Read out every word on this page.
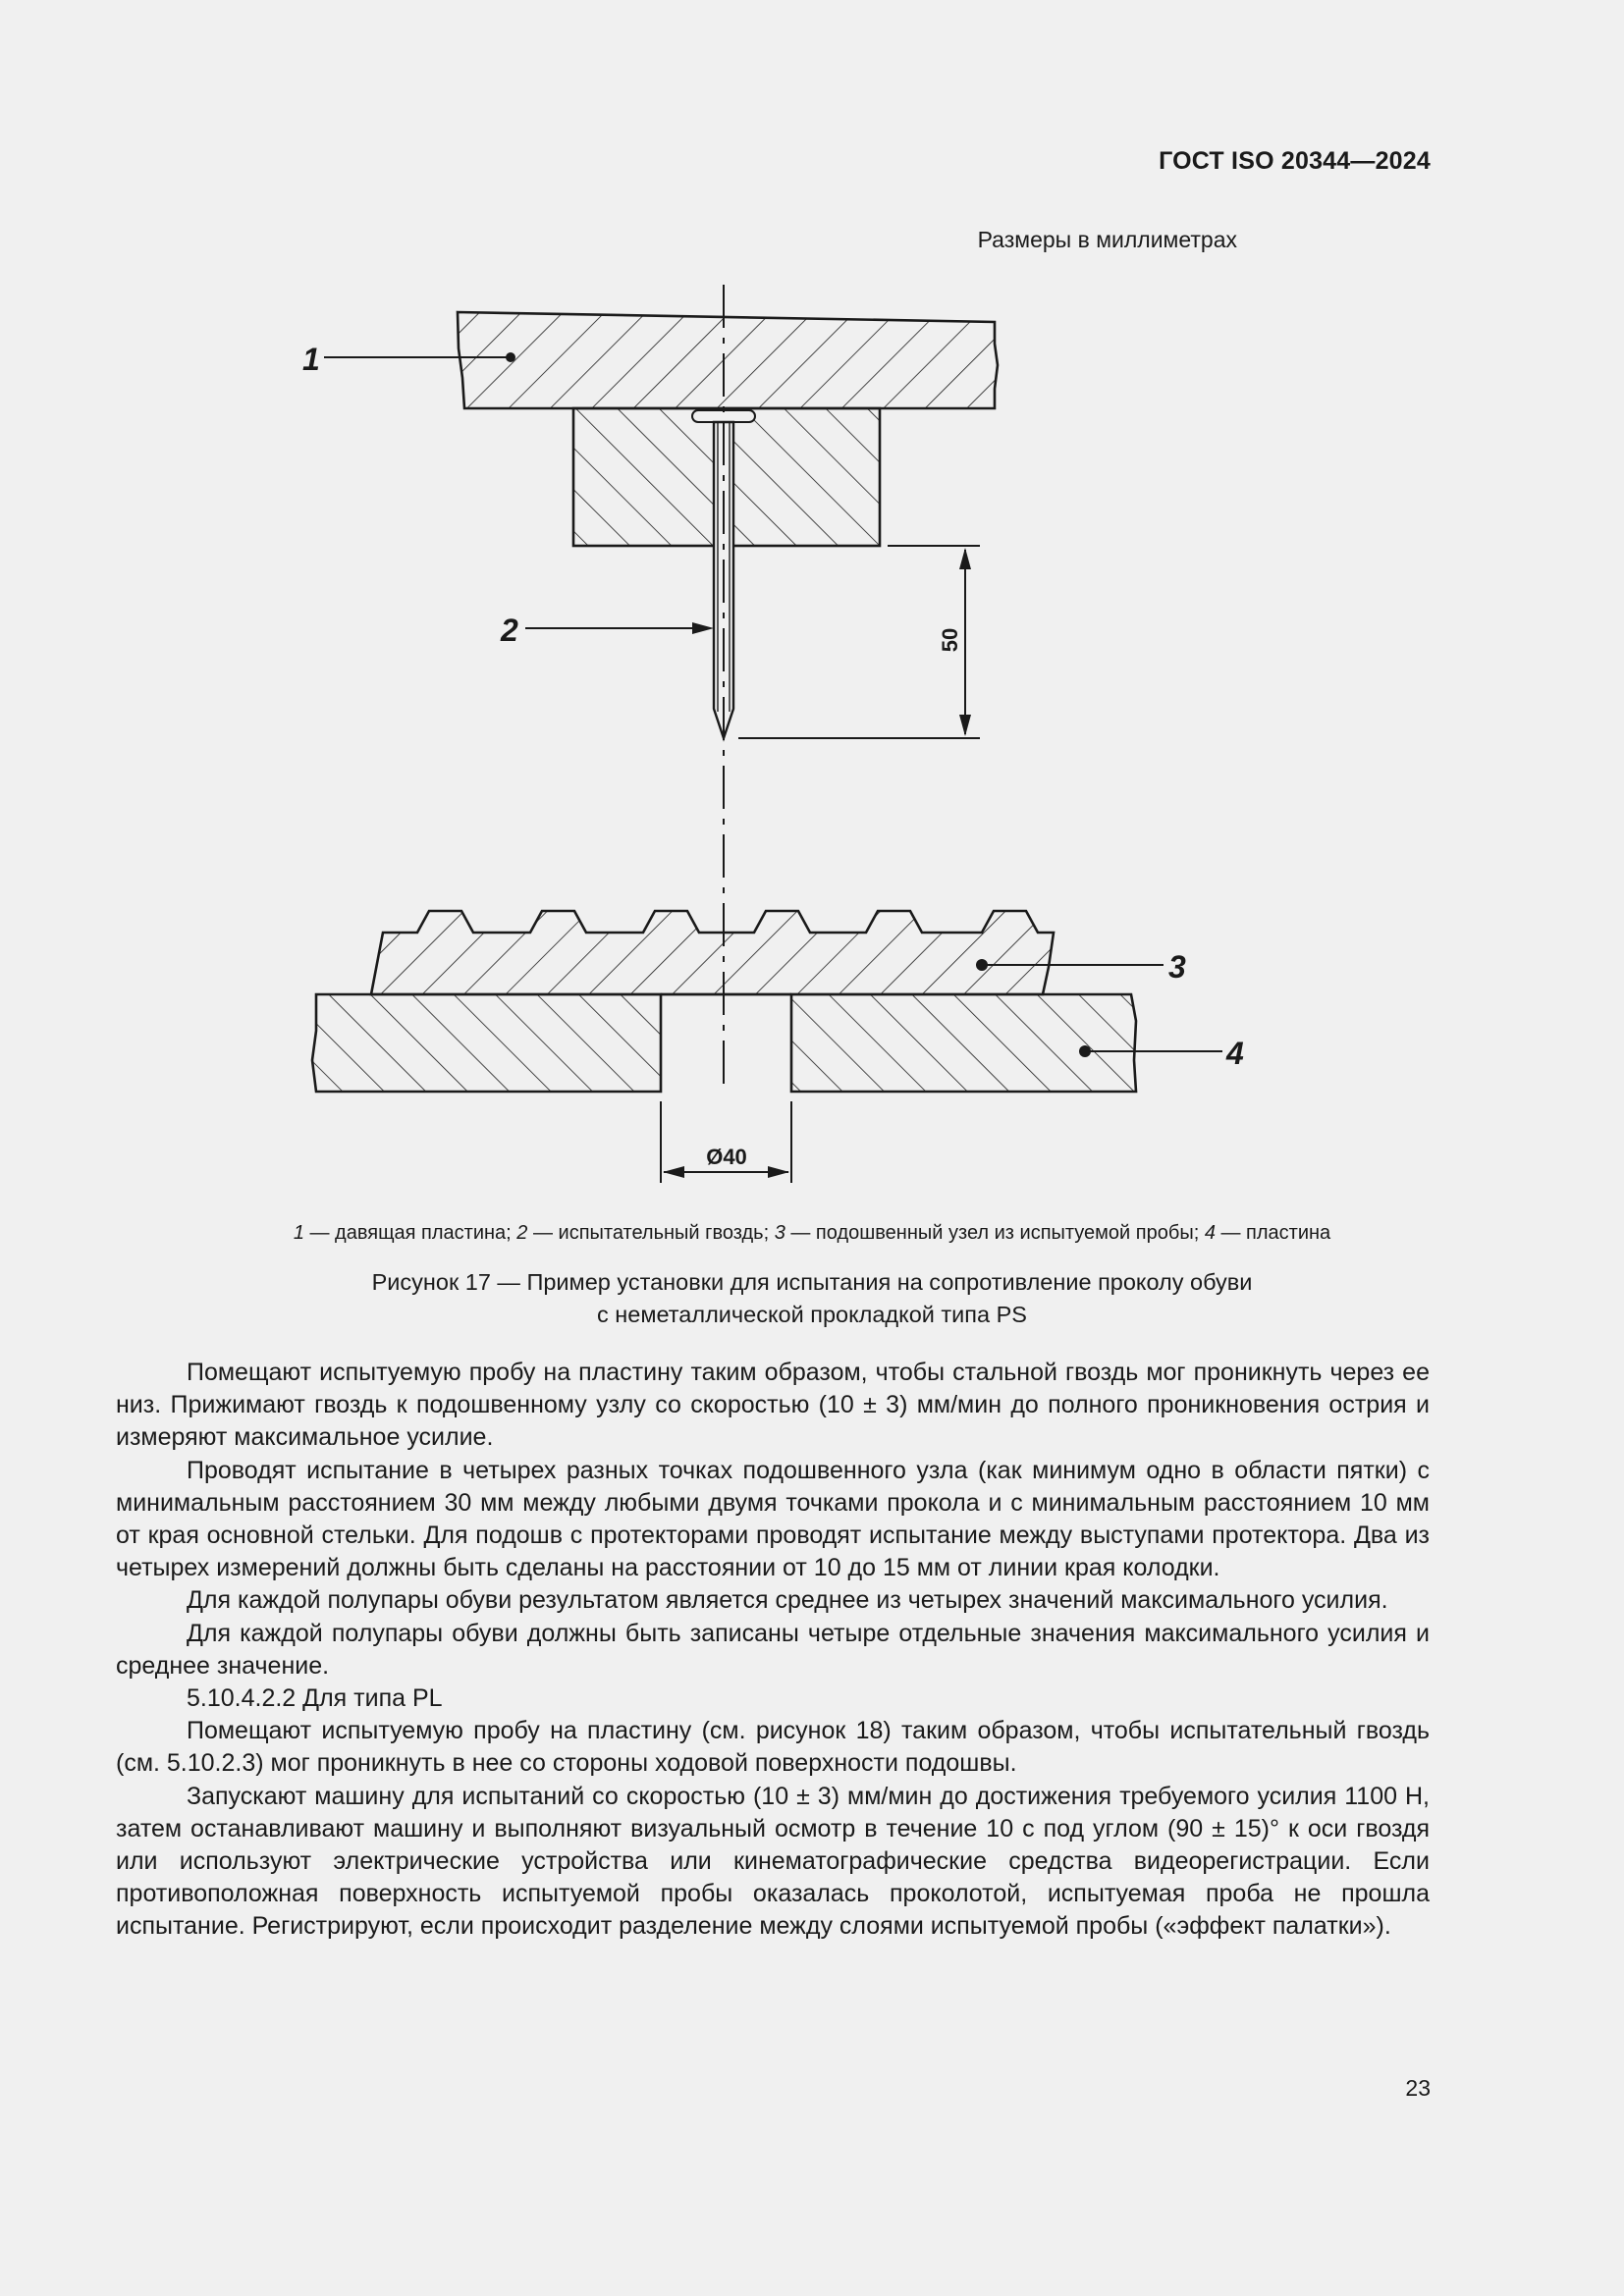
ГОСТ ISO 20344—2024
Размеры в миллиметрах
50
Ø40
1
2
3
4
1 — давящая пластина; 2 — испытательный гвоздь; 3 — подошвенный узел из испытуемой пробы; 4 — пластина
Рисунок 17 — Пример установки для испытания на сопротивление проколу обуви
с неметаллической прокладкой типа PS

Помещают испытуемую пробу на пластину таким образом, чтобы стальной гвоздь мог проникнуть через ее низ. Прижимают гвоздь к подошвенному узлу со скоростью (10 ± 3) мм/мин до полного проникновения острия и измеряют максимальное усилие.

Проводят испытание в четырех разных точках подошвенного узла (как минимум одно в области пятки) с минимальным расстоянием 30 мм между любыми двумя точками прокола и с минимальным расстоянием 10 мм от края основной стельки. Для подошв с протекторами проводят испытание между выступами протектора. Два из четырех измерений должны быть сделаны на расстоянии от 10 до 15 мм от линии края колодки.

Для каждой полупары обуви результатом является среднее из четырех значений максимального усилия.

Для каждой полупары обуви должны быть записаны четыре отдельные значения максимального усилия и среднее значение.

5.10.4.2.2 Для типа PL

Помещают испытуемую пробу на пластину (см. рисунок 18) таким образом, чтобы испытательный гвоздь (см. 5.10.2.3) мог проникнуть в нее со стороны ходовой поверхности подошвы.

Запускают машину для испытаний со скоростью (10 ± 3) мм/мин до достижения требуемого усилия 1100 Н, затем останавливают машину и выполняют визуальный осмотр в течение 10 с под углом (90 ± 15)° к оси гвоздя или используют электрические устройства или кинематографические средства видеорегистрации. Если противоположная поверхность испытуемой пробы оказалась проколотой, испытуемая проба не прошла испытание. Регистрируют, если происходит разделение между слоями испытуемой пробы («эффект палатки»).

23
